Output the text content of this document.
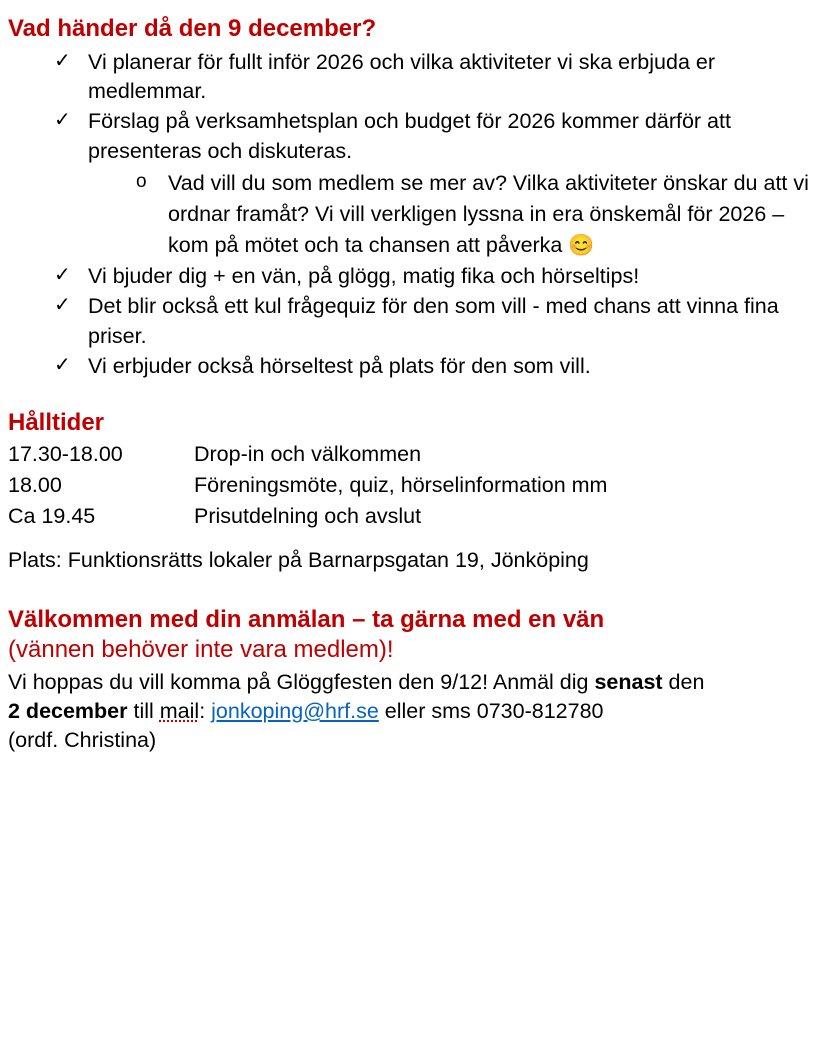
Vad händer då den 9 december?
✓ Vi planerar för fullt inför 2026 och vilka aktiviteter vi ska erbjuda er medlemmar.
✓ Förslag på verksamhetsplan och budget för 2026 kommer därför att presenteras och diskuteras.
o Vad vill du som medlem se mer av? Vilka aktiviteter önskar du att vi ordnar framåt? Vi vill verkligen lyssna in era önskemål för 2026 – kom på mötet och ta chansen att påverka 😊
✓ Vi bjuder dig + en vän, på glögg, matig fika och hörseltips!
✓ Det blir också ett kul frågequiz för den som vill - med chans att vinna fina priser.
✓ Vi erbjuder också hörseltest på plats för den som vill.
Hålltider
17.30-18.00	Drop-in och välkommen
18.00	Föreningsmöte, quiz, hörselinformation mm
Ca 19.45	Prisutdelning och avslut

Plats: Funktionsrätts lokaler på Barnarpsgatan 19, Jönköping

Välkommen med din anmälan – ta gärna med en vän

(vännen behöver inte vara medlem)!

Vi hoppas du vill komma på Glöggfesten den 9/12! Anmäl dig senast den

2 december till mail: jonkoping@hrf.se eller sms 0730-812780

(ordf. Christina)
